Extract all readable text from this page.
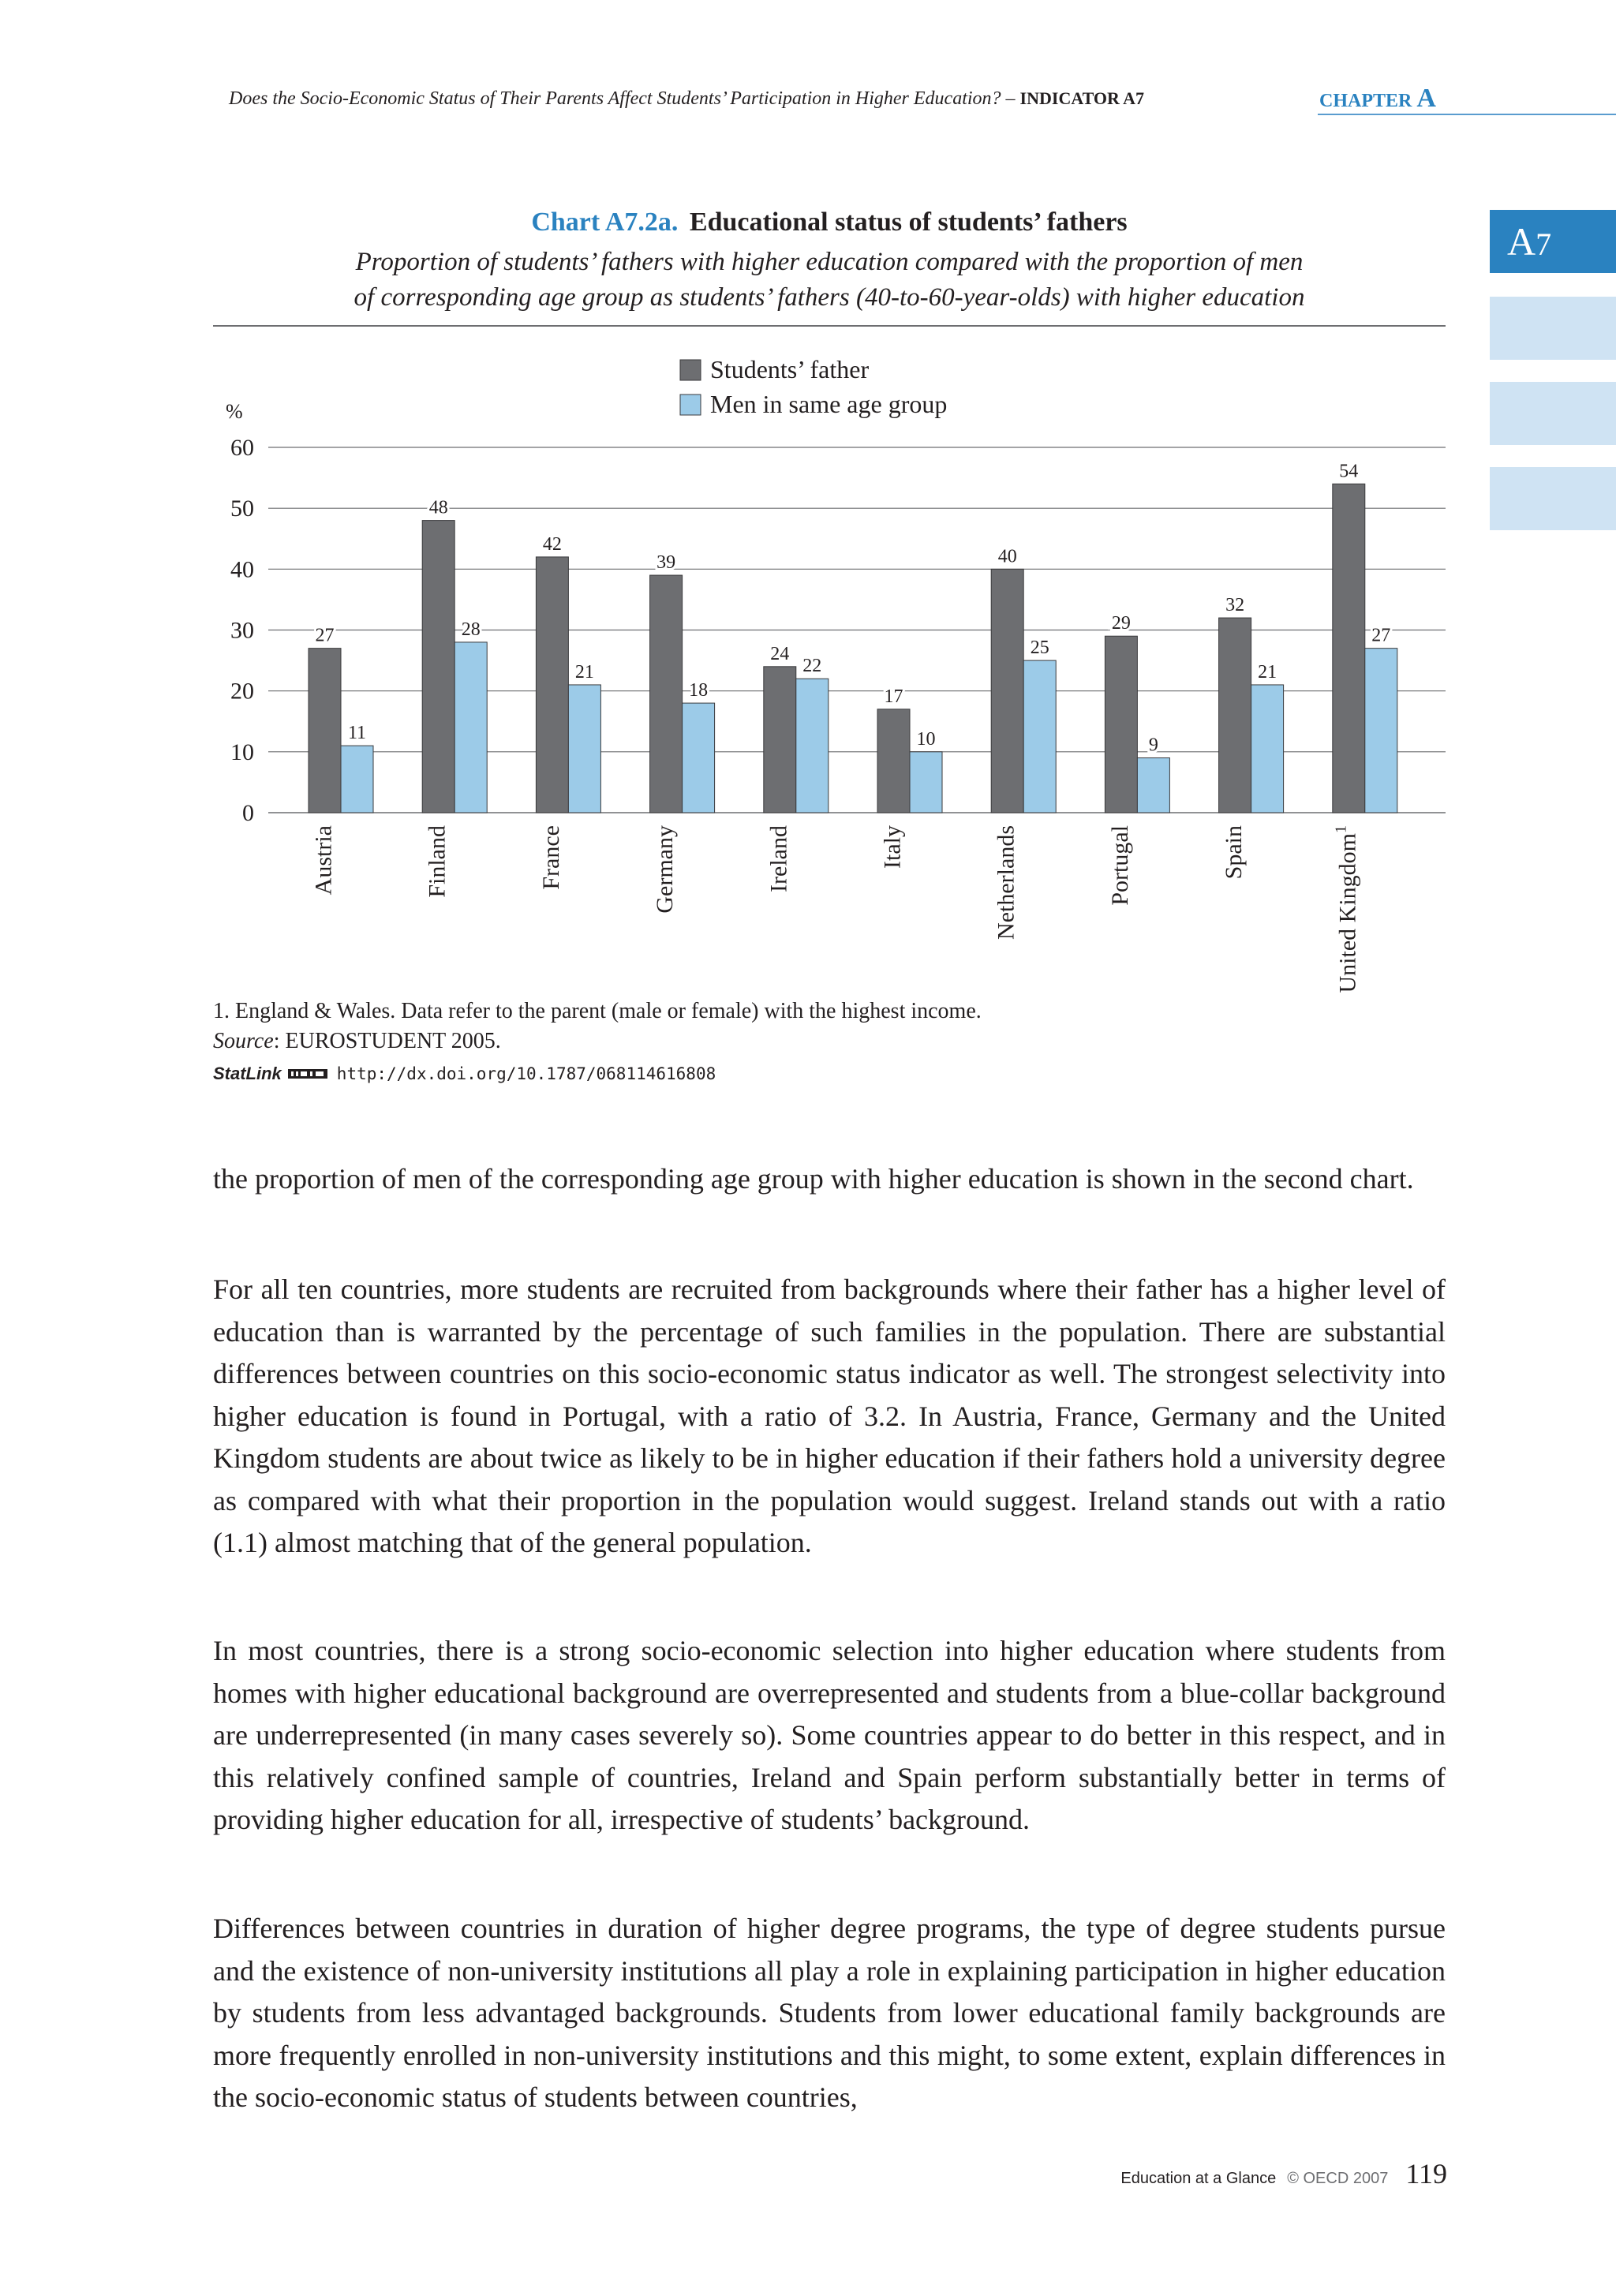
Does the Socio-Economic Status of Their Parents Affect Students’ Participation in Higher Education? – INDICATOR A7	CHAPTER A
A7
Chart A7.2a. Educational status of students’ fathers
Proportion of students’ fathers with higher education compared with the proportion of men
of corresponding age group as students’ fathers (40-to-60-year-olds) with higher education
%
0
10
20
30
40
50
60
27
11
Austria
48
28
Finland
42
21
France
39
18
Germany
24
22
Ireland
17
10
Italy
40
25
Netherlands
29
9
Portugal
32
21
Spain
54
27
United Kingdom$^1$
Students’ father
Men in same age group
1. England & Wales. Data refer to the parent (male or female) with the highest income.
Source: EUROSTUDENT 2005.
StatLink	http://dx.doi.org/10.1787/068114616808
the proportion of men of the corresponding age group with higher education is shown in the second chart.
For all ten countries, more students are recruited from backgrounds where their father has a higher level of education than is warranted by the percentage of such families in the population. There are substantial differences between countries on this socio-economic status indicator as well. The strongest selectivity into higher education is found in Portugal, with a ratio of 3.2. In Austria, France, Germany and the United Kingdom students are about twice as likely to be in higher education if their fathers hold a university degree as compared with what their proportion in the population would suggest. Ireland stands out with a ratio (1.1) almost matching that of the general population.
In most countries, there is a strong socio-economic selection into higher education where students from homes with higher educational background are overrepresented and students from a blue-collar background are underrepresented (in many cases severely so). Some countries appear to do better in this respect, and in this relatively confined sample of countries, Ireland and Spain perform substantially better in terms of providing higher education for all, irrespective of students’ background.
Differences between countries in duration of higher degree programs, the type of degree students pursue and the existence of non-university institutions all play a role in explaining participation in higher education by students from less advantaged backgrounds. Students from lower educational family backgrounds are more frequently enrolled in non-university institutions and this might, to some extent, explain differences in the socio-economic status of students between countries,
Education at a Glance © OECD 2007 119
